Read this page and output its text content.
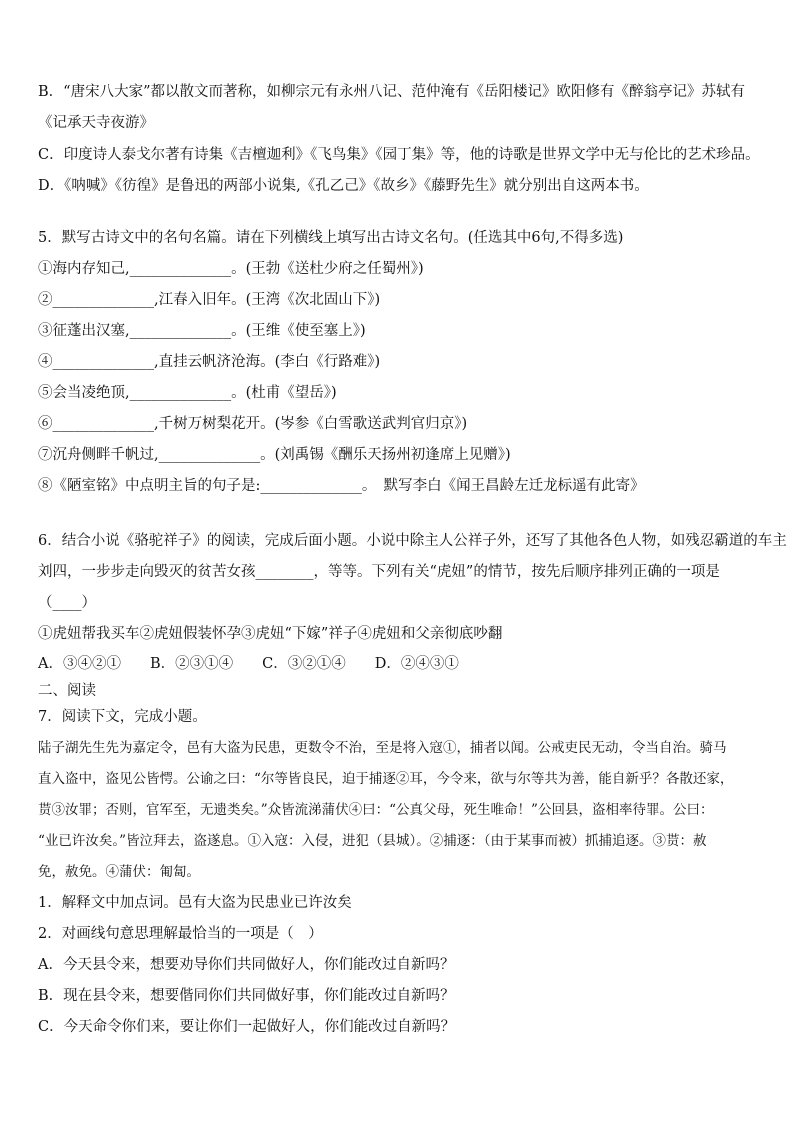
B．“唐宋八大家”都以散文而著称，如柳宗元有永州八记、范仲淹有《岳阳楼记》欧阳修有《醉翁亭记》苏轼有
《记承天寺夜游》
C．印度诗人泰戈尔著有诗集《吉檀迦利》《飞鸟集》《园丁集》等，他的诗歌是世界文学中无与伦比的艺术珍品。
D．《呐喊》《彷徨》是鲁迅的两部小说集,《孔乙己》《故乡》《藤野先生》就分别出自这两本书。
5．默写古诗文中的名句名篇。请在下列横线上填写出古诗文名句。(任选其中6句,不得多选)
①海内存知己,______________。(王勃《送杜少府之任蜀州》)
②______________,江春入旧年。(王湾《次北固山下》)
③征蓬出汉塞,______________。(王维《使至塞上》)
④______________,直挂云帆济沧海。(李白《行路难》)
⑤会当凌绝顶,______________。(杜甫《望岳》)
⑥______________,千树万树梨花开。(岑参《白雪歌送武判官归京》)
⑦沉舟侧畔千帆过,______________。(刘禹锡《酬乐天扬州初逢席上见赠》)
⑧《陋室铭》中点明主旨的句子是:______________。　默写李白《闻王昌龄左迁龙标遥有此寄》
6．结合小说《骆驼祥子》的阅读，完成后面小题。小说中除主人公祥子外，还写了其他各色人物，如残忍霸道的车主
刘四，一步步走向毁灭的贫苦女孩________，等等。下列有关“虎妞”的情节，按先后顺序排列正确的一项是
（____）
①虎妞帮我买车②虎妞假装怀孕③虎妞“下嫁”祥子④虎妞和父亲彻底吵翻
A．③④②①　　B．②③①④　　C．③②①④　　D．②④③①
二、阅读
7．阅读下文，完成小题。
陆子湖先生先为嘉定令，邑有大盗为民患，更数令不治，至是将入寇①，捕者以闻。公戒吏民无动，令当自治。骑马
直入盗中，盗见公皆愕。公谕之曰：“尔等皆良民，迫于捕逐②耳，今令来，欲与尔等共为善，能自新乎？各散还家，
贳③汝罪；否则，官军至，无遗类矣。”众皆流涕蒲伏④曰：“公真父母，死生唯命！”公回县，盗相率待罪。公曰：
“业已许汝矣。”皆泣拜去，盗遂息。①入寇：入侵，进犯（县城）。②捕逐：（由于某事而被）抓捕追逐。③贳：赦
免，赦免。④蒲伏：匍匐。
1．解释文中加点词。邑有大盗为民患业已许汝矣
2．对画线句意思理解最恰当的一项是（　）
A．今天县令来，想要劝导你们共同做好人，你们能改过自新吗？
B．现在县令来，想要偕同你们共同做好事，你们能改过自新吗？
C．今天命令你们来，要让你们一起做好人，你们能改过自新吗？
